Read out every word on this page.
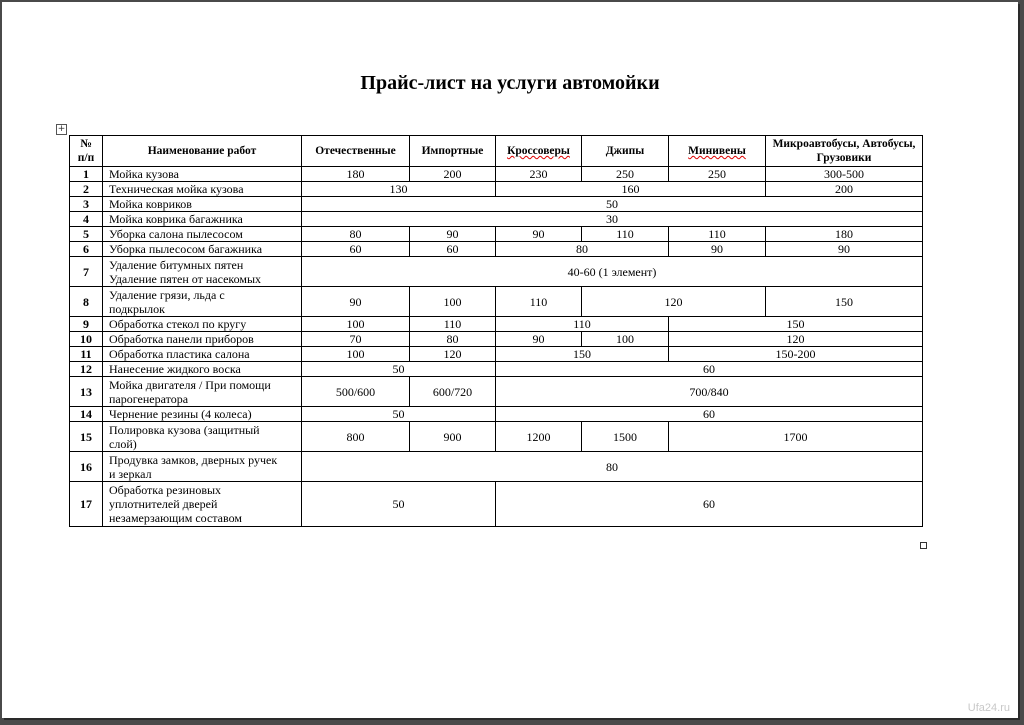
Прайс-лист на услуги автомойки
+
№ п/п	Наименование работ	Отечественные	Импортные	Кроссоверы	Джипы	Минивены	Микроавтобусы, Автобусы, Грузовики
1	Мойка кузова	180	200	230	250	250	300-500
2	Техническая мойка кузова	130		160			200
3	Мойка ковриков	50					
4	Мойка коврика багажника	30					
5	Уборка салона пылесосом	80	90	90	110	110	180
6	Уборка пылесосом багажника	60	60	80		90	90
7	Удаление битумных пятен
Удаление пятен от насекомых	40-60 (1 элемент)					
8	Удаление грязи, льда с
подкрылок	90	100	110	120		150
9	Обработка стекол по кругу	100	110	110		150	
10	Обработка панели приборов	70	80	90	100	120	
11	Обработка пластика салона	100	120	150		150-200	
12	Нанесение жидкого воска	50		60			
13	Мойка двигателя / При помощи
парогенератора	500/600	600/720	700/840			
14	Чернение резины (4 колеса)	50		60			
15	Полировка кузова (защитный
слой)	800	900	1200	1500	1700	
16	Продувка замков, дверных ручек
и зеркал	80					
17	Обработка резиновых
уплотнителей дверей
незамерзающим составом	50		60			
Ufa24.ru
